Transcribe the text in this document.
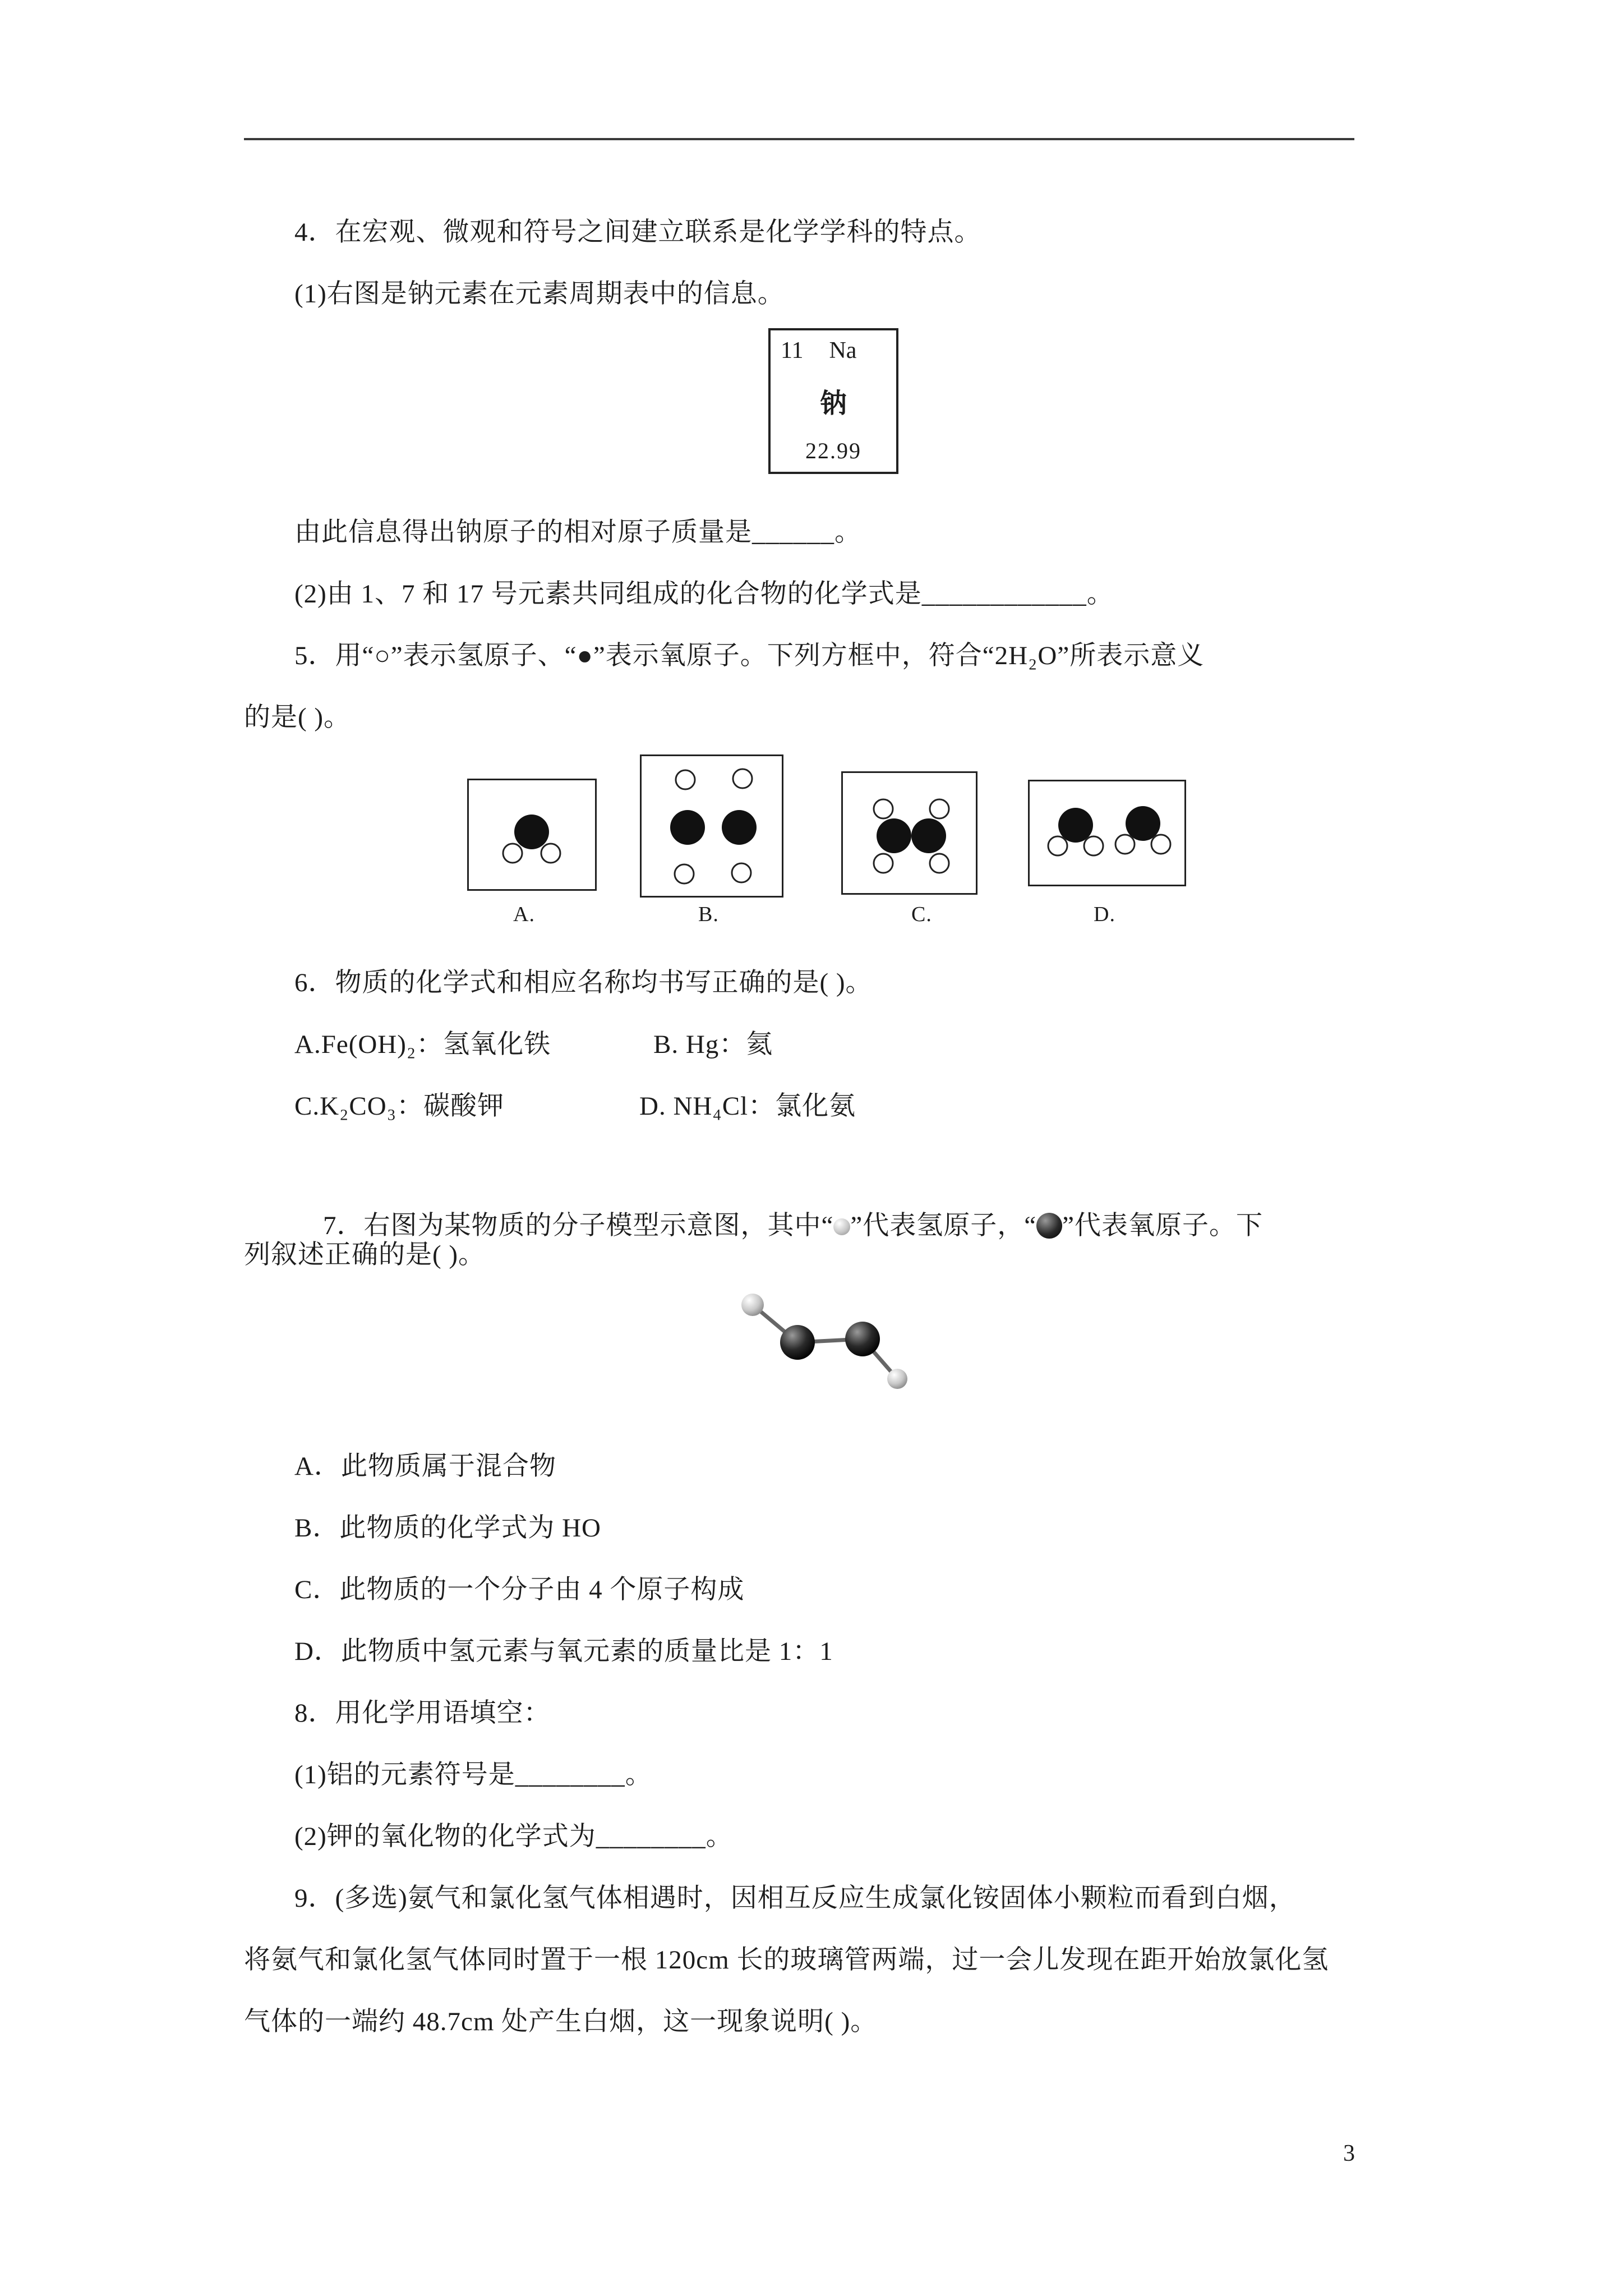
4．在宏观、微观和符号之间建立联系是化学学科的特点。
(1)右图是钠元素在元素周期表中的信息。
11 Na
钠
22.99
由此信息得出钠原子的相对原子质量是______。
(2)由 1、7 和 17 号元素共同组成的化合物的化学式是____________。
5．用“○”表示氢原子、“●”表示氧原子。下列方框中，符合“2H₂O”所表示意义
的是( )。
A.	B.	C.	D.
6．物质的化学式和相应名称均书写正确的是( )。
A.Fe(OH)₂：氢氧化铁	B. Hg：氦
C.K₂CO₃：碳酸钾	D. NH₄Cl：氯化氨

7．右图为某物质的分子模型示意图，其中“ ”代表氢原子，“ ”代表氧原子。下

列叙述正确的是( )。
A．此物质属于混合物
B．此物质的化学式为 HO
C．此物质的一个分子由 4 个原子构成
D．此物质中氢元素与氧元素的质量比是 1：1
8．用化学用语填空：
(1)铝的元素符号是________。
(2)钾的氧化物的化学式为________。
9．(多选)氨气和氯化氢气体相遇时，因相互反应生成氯化铵固体小颗粒而看到白烟，
将氨气和氯化氢气体同时置于一根 120cm 长的玻璃管两端，过一会儿发现在距开始放氯化氢
气体的一端约 48.7cm 处产生白烟，这一现象说明( )。
3
